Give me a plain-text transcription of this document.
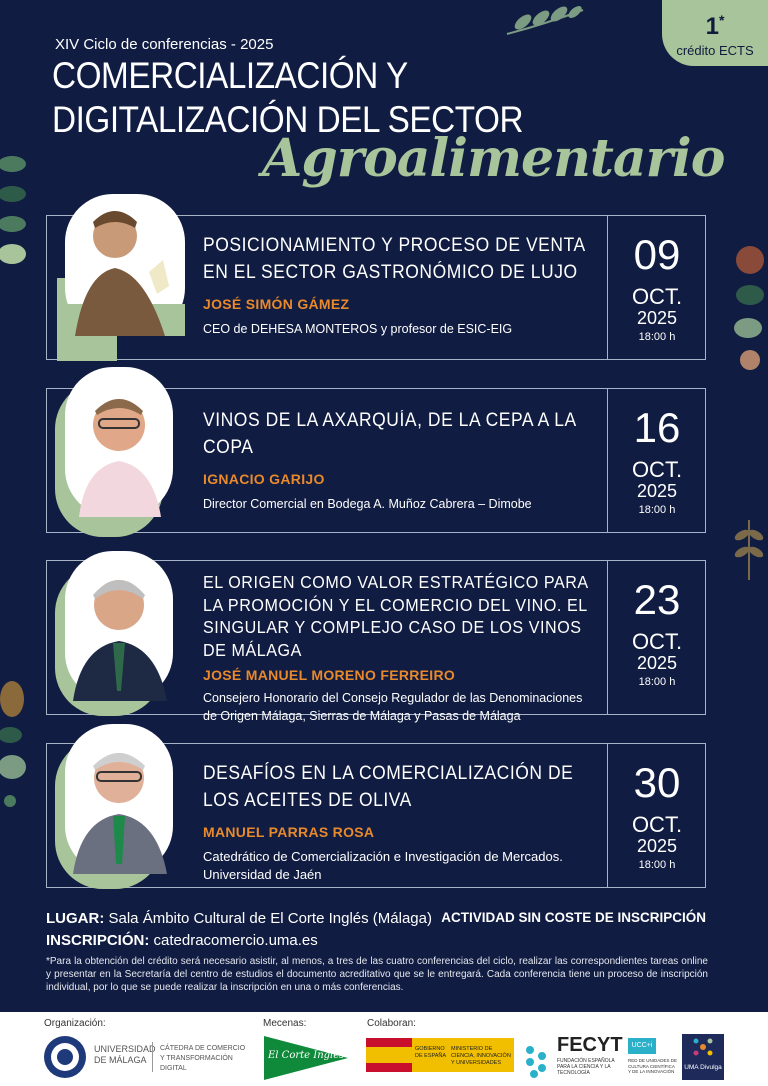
1*
crédito ECTS
XIV Ciclo de conferencias - 2025
COMERCIALIZACIÓN Y
DIGITALIZACIÓN DEL SECTOR
Agroalimentario
POSICIONAMIENTO Y PROCESO DE VENTA EN EL SECTOR GASTRONÓMICO DE LUJO
JOSÉ SIMÓN GÁMEZ
CEO de DEHESA MONTEROS y profesor de ESIC-EIG
09
OCT.
2025
18:00 h
VINOS DE LA AXARQUÍA, DE LA CEPA A LA COPA
IGNACIO GARIJO
Director Comercial en Bodega A. Muñoz Cabrera – Dimobe
16
OCT.
2025
18:00 h
EL ORIGEN COMO VALOR ESTRATÉGICO PARA LA PROMOCIÓN Y EL COMERCIO DEL VINO. EL SINGULAR Y COMPLEJO CASO DE LOS VINOS DE MÁLAGA
JOSÉ MANUEL MORENO FERREIRO
Consejero Honorario del Consejo Regulador de las Denominaciones de Origen Málaga, Sierras de Málaga y Pasas de Málaga
23
OCT.
2025
18:00 h
DESAFÍOS EN LA COMERCIALIZACIÓN DE LOS ACEITES DE OLIVA
MANUEL PARRAS ROSA
Catedrático de Comercialización e Investigación de Mercados. Universidad de Jaén
30
OCT.
2025
18:00 h
LUGAR: Sala Ámbito Cultural de El Corte Inglés (Málaga)
INSCRIPCIÓN: catedracomercio.uma.es
ACTIVIDAD SIN COSTE DE INSCRIPCIÓN
*Para la obtención del crédito será necesario asistir, al menos, a tres de las cuatro conferencias del ciclo, realizar las correspondientes tareas online y presentar en la Secretaría del centro de estudios el documento acreditativo que se le entregará. Cada conferencia tiene un proceso de inscripción individual, por lo que se puede realizar la inscripción en una o más conferencias.
Organización:
UNIVERSIDAD DE MÁLAGA
CÁTEDRA DE COMERCIO Y TRANSFORMACIÓN DIGITAL
Mecenas:
El Corte Inglés
Colaboran:
GOBIERNO DE ESPAÑA
MINISTERIO DE CIENCIA, INNOVACIÓN Y UNIVERSIDADES
FECYT
FUNDACIÓN ESPAÑOLA PARA LA CIENCIA Y LA TECNOLOGÍA
UCC+i
RED DE UNIDADES DE CULTURA CIENTÍFICA Y DE LA INNOVACIÓN
UMA Divulga
